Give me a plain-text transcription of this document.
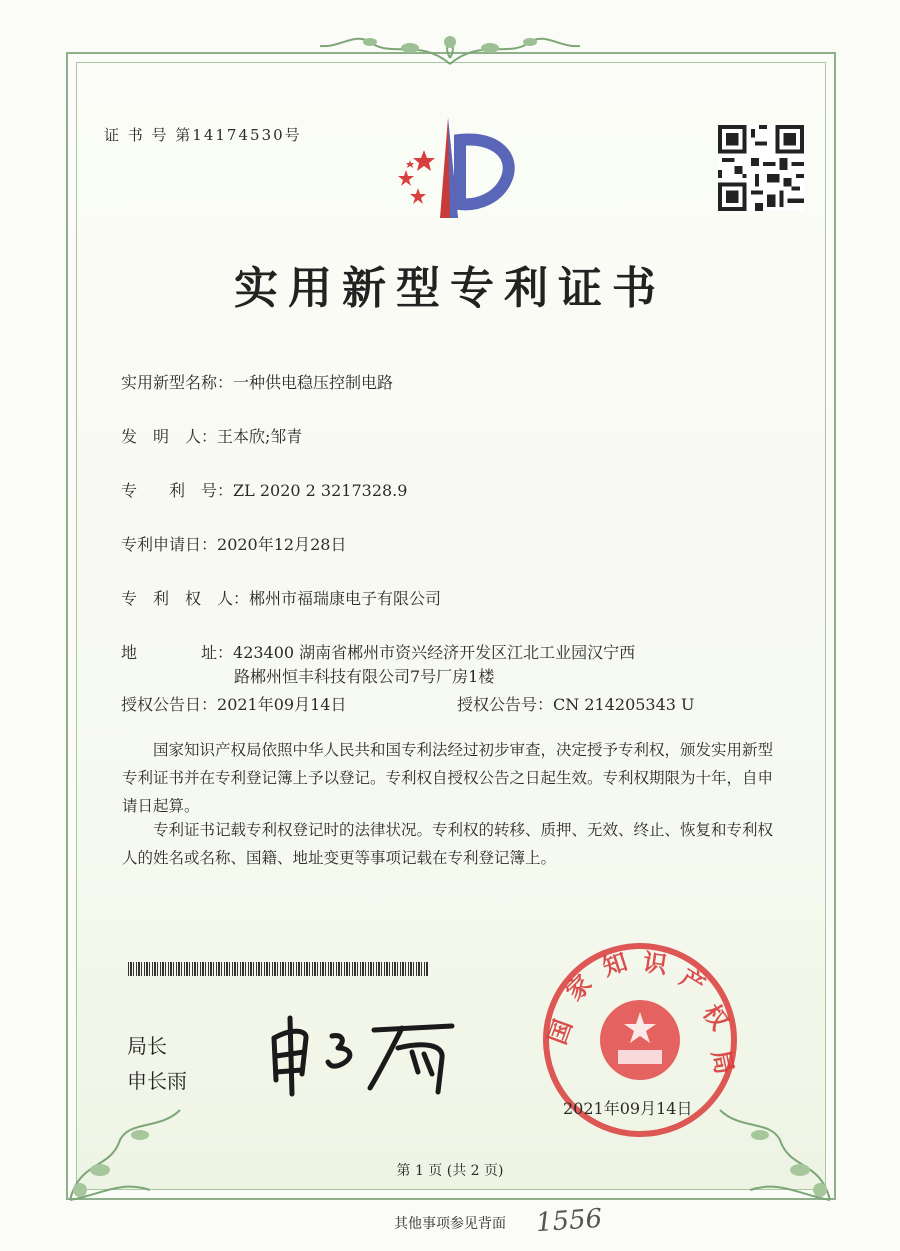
证 书 号 第14174530号
实用新型专利证书
实用新型名称：一种供电稳压控制电路
发　明　人：王本欣;邹青
专　　利　号：ZL 2020 2 3217328.9
专利申请日：2020年12月28日
专　利　权　人：郴州市福瑞康电子有限公司
地　　　　址：423400 湖南省郴州市资兴经济开发区江北工业园汉宁西
路郴州恒丰科技有限公司7号厂房1楼
授权公告日：2021年09月14日	授权公告号：CN 214205343 U
国家知识产权局依照中华人民共和国专利法经过初步审查，决定授予专利权，颁发实用新型专利证书并在专利登记簿上予以登记。专利权自授权公告之日起生效。专利权期限为十年，自申请日起算。
专利证书记载专利权登记时的法律状况。专利权的转移、质押、无效、终止、恢复和专利权人的姓名或名称、国籍、地址变更等事项记载在专利登记簿上。
局长
申长雨
国
家
知 识 产
权
局
2021年09月14日
第 1 页 (共 2 页)
其他事项参见背面	1556
